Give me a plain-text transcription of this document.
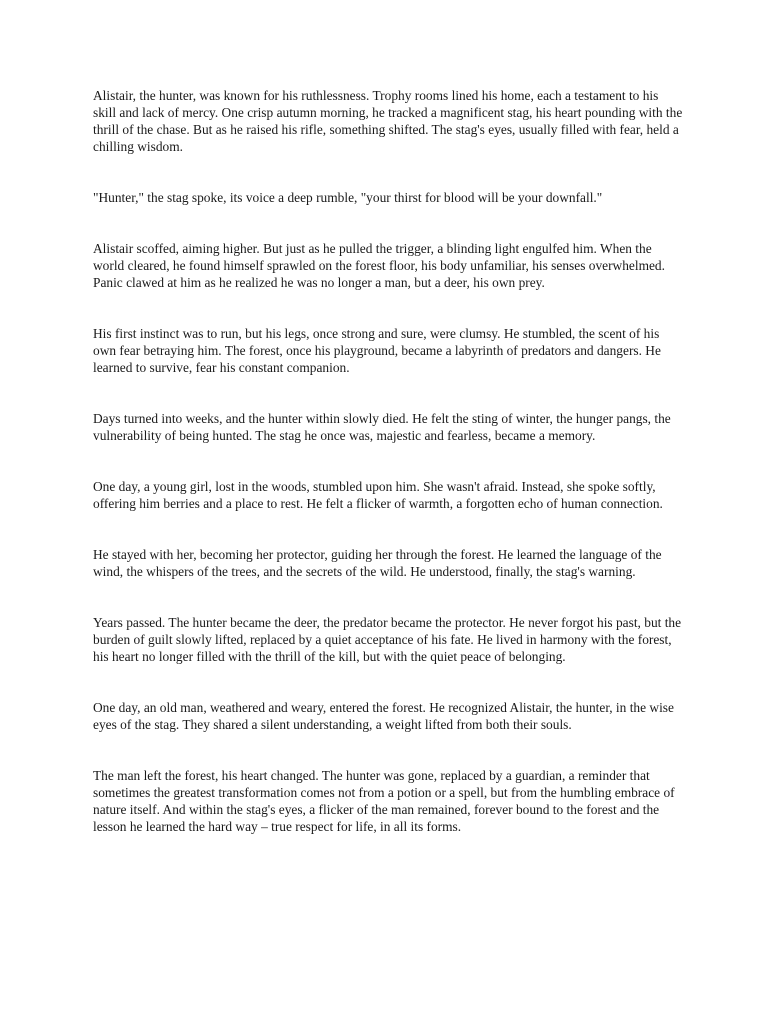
Alistair, the hunter, was known for his ruthlessness. Trophy rooms lined his home, each a testament to his skill and lack of mercy. One crisp autumn morning, he tracked a magnificent stag, his heart pounding with the thrill of the chase. But as he raised his rifle, something shifted. The stag's eyes, usually filled with fear, held a chilling wisdom.

"Hunter," the stag spoke, its voice a deep rumble, "your thirst for blood will be your downfall."

Alistair scoffed, aiming higher. But just as he pulled the trigger, a blinding light engulfed him. When the world cleared, he found himself sprawled on the forest floor, his body unfamiliar, his senses overwhelmed. Panic clawed at him as he realized he was no longer a man, but a deer, his own prey.

His first instinct was to run, but his legs, once strong and sure, were clumsy. He stumbled, the scent of his own fear betraying him. The forest, once his playground, became a labyrinth of predators and dangers. He learned to survive, fear his constant companion.

Days turned into weeks, and the hunter within slowly died. He felt the sting of winter, the hunger pangs, the vulnerability of being hunted. The stag he once was, majestic and fearless, became a memory.

One day, a young girl, lost in the woods, stumbled upon him. She wasn't afraid. Instead, she spoke softly, offering him berries and a place to rest. He felt a flicker of warmth, a forgotten echo of human connection.

He stayed with her, becoming her protector, guiding her through the forest. He learned the language of the wind, the whispers of the trees, and the secrets of the wild. He understood, finally, the stag's warning.

Years passed. The hunter became the deer, the predator became the protector. He never forgot his past, but the burden of guilt slowly lifted, replaced by a quiet acceptance of his fate. He lived in harmony with the forest, his heart no longer filled with the thrill of the kill, but with the quiet peace of belonging.

One day, an old man, weathered and weary, entered the forest. He recognized Alistair, the hunter, in the wise eyes of the stag. They shared a silent understanding, a weight lifted from both their souls.

The man left the forest, his heart changed. The hunter was gone, replaced by a guardian, a reminder that sometimes the greatest transformation comes not from a potion or a spell, but from the humbling embrace of nature itself. And within the stag's eyes, a flicker of the man remained, forever bound to the forest and the lesson he learned the hard way – true respect for life, in all its forms.
